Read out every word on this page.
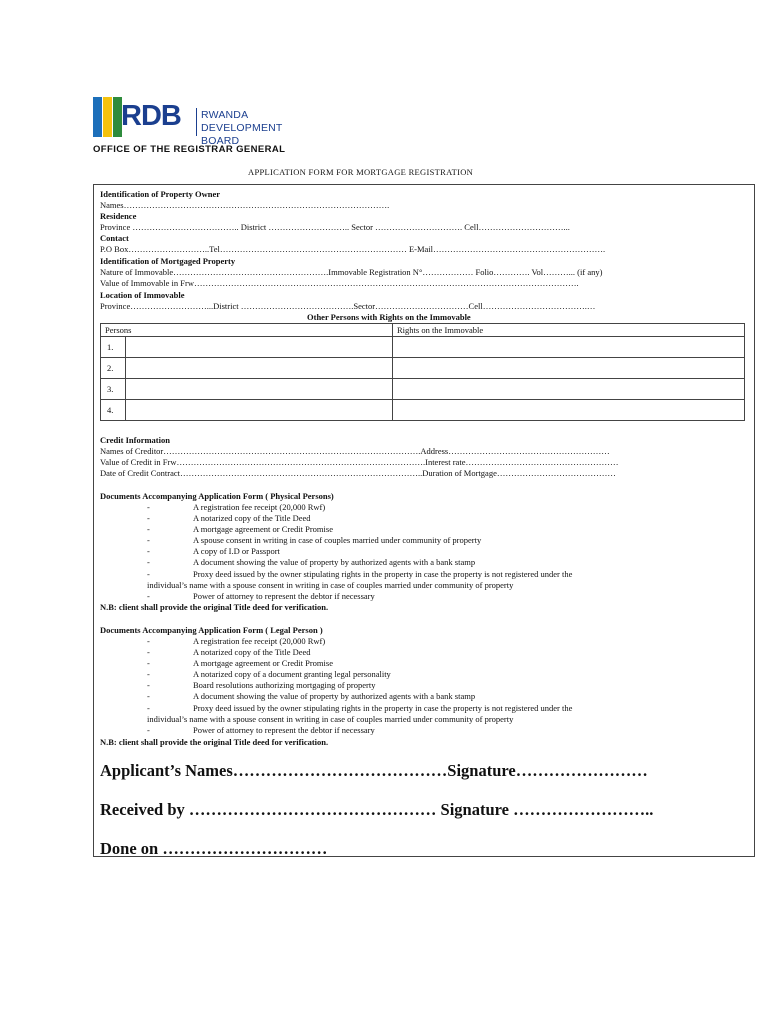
RDB RWANDA
DEVELOPMENT BOARD
OFFICE OF THE REGISTRAR GENERAL
APPLICATION FORM FOR MORTGAGE REGISTRATION
Identification of Property Owner
Names………………………………………………………………………………….
Residence
Province ……………………………….. District ……………………….. Sector …………………………. Cell…………………………...
Contact
P.O Box………………………..Tel………………………………………………………… E-Mail…………………………………………………….
Identification of Mortgaged Property
Nature of Immovable……………………………………………….Immovable Registration N°……………… Folio…………. Vol………... (if any)
Value of Immovable in Frw……………………………………………………………………………………………………………………….
Location of Immovable
Province………………………...District ………………………………….Sector……………………………Cell……………………………….…
Other Persons with Rights on the Immovable
Persons	Rights on the Immovable

1.	

2.	

3.	

4.	

Credit Information
Names of Creditor……………………………………………………………………………….Address…………………………………………………
Value of Credit in Frw…………………………………………………………………………….Interest rate………………………………………………
Date of Credit Contract…………………………………………………………………………..Duration of Mortgage……………………………………
Documents Accompanying Application Form ( Physical Persons)
-	A registration fee receipt (20,000 Rwf)
-	A notarized copy of the Title Deed
-	A mortgage agreement or Credit Promise
-	A spouse consent in writing in case of couples married under community of property
-	A copy of I.D or Passport
-	A document showing the value of property by authorized agents with a bank stamp
-	Proxy deed issued by the owner stipulating rights in the property in case the property is not registered under the
individual’s name with a spouse consent in writing in case of couples married under community of property
-	Power of attorney to represent the debtor if necessary
N.B: client shall provide the original Title deed for verification.
Documents Accompanying Application Form ( Legal Person )
-	A registration fee receipt (20,000 Rwf)
-	A notarized copy of the Title Deed
-	A mortgage agreement or Credit Promise
-	A notarized copy of a document granting legal personality
-	Board resolutions authorizing mortgaging of property
-	A document showing the value of property by authorized agents with a bank stamp
-	Proxy deed issued by the owner stipulating rights in the property in case the property is not registered under the
individual’s name with a spouse consent in writing in case of couples married under community of property
-	Power of attorney to represent the debtor if necessary
N.B: client shall provide the original Title deed for verification.
Applicant’s Names…………………………………Signature……………………
Received by ……………………………………… Signature ……………………..
Done on …………………………
